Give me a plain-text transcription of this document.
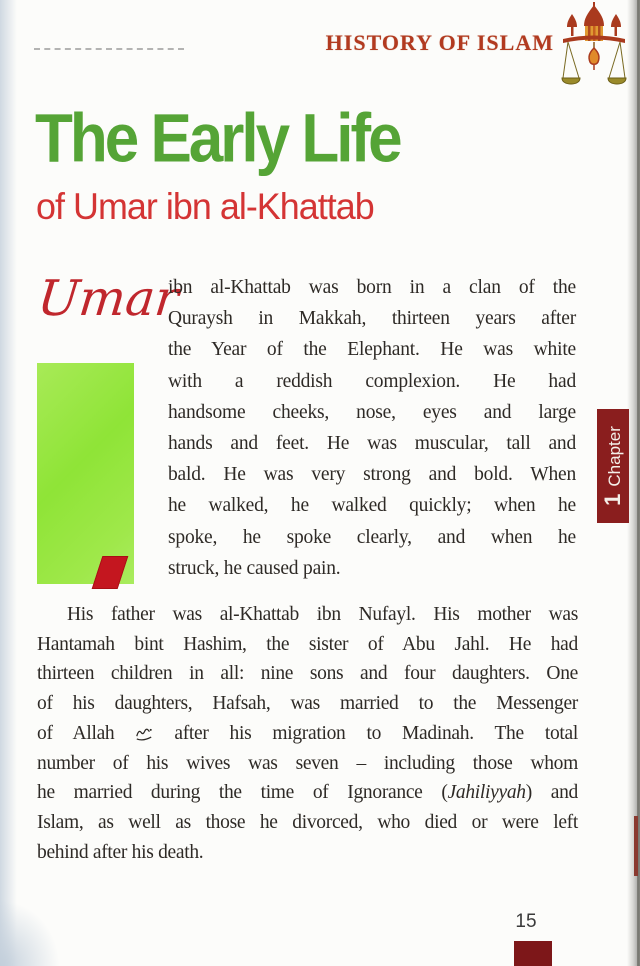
HISTORY OF ISLAM
The Early Life
of Umar ibn al-Khattab
Umar
ibn al-Khattab was born in a clan of the
Quraysh in Makkah, thirteen years after
the Year of the Elephant. He was white
with a reddish complexion. He had
handsome cheeks, nose, eyes and large
hands and feet. He was muscular, tall and
bald. He was very strong and bold. When
he walked, he walked quickly; when he
spoke, he spoke clearly, and when he
struck, he caused pain.
His father was al-Khattab ibn Nufayl. His mother was
Hantamah bint Hashim, the sister of Abu Jahl. He had
thirteen children in all: nine sons and four daughters. One
of his daughters, Hafsah, was married to the Messenger
of Allah	after his migration to Madinah. The total
number of his wives was seven – including those whom
he married during the time of Ignorance (Jahiliyyah) and
Islam, as well as those he divorced, who died or were left
behind after his death.
1
Chapter
15
